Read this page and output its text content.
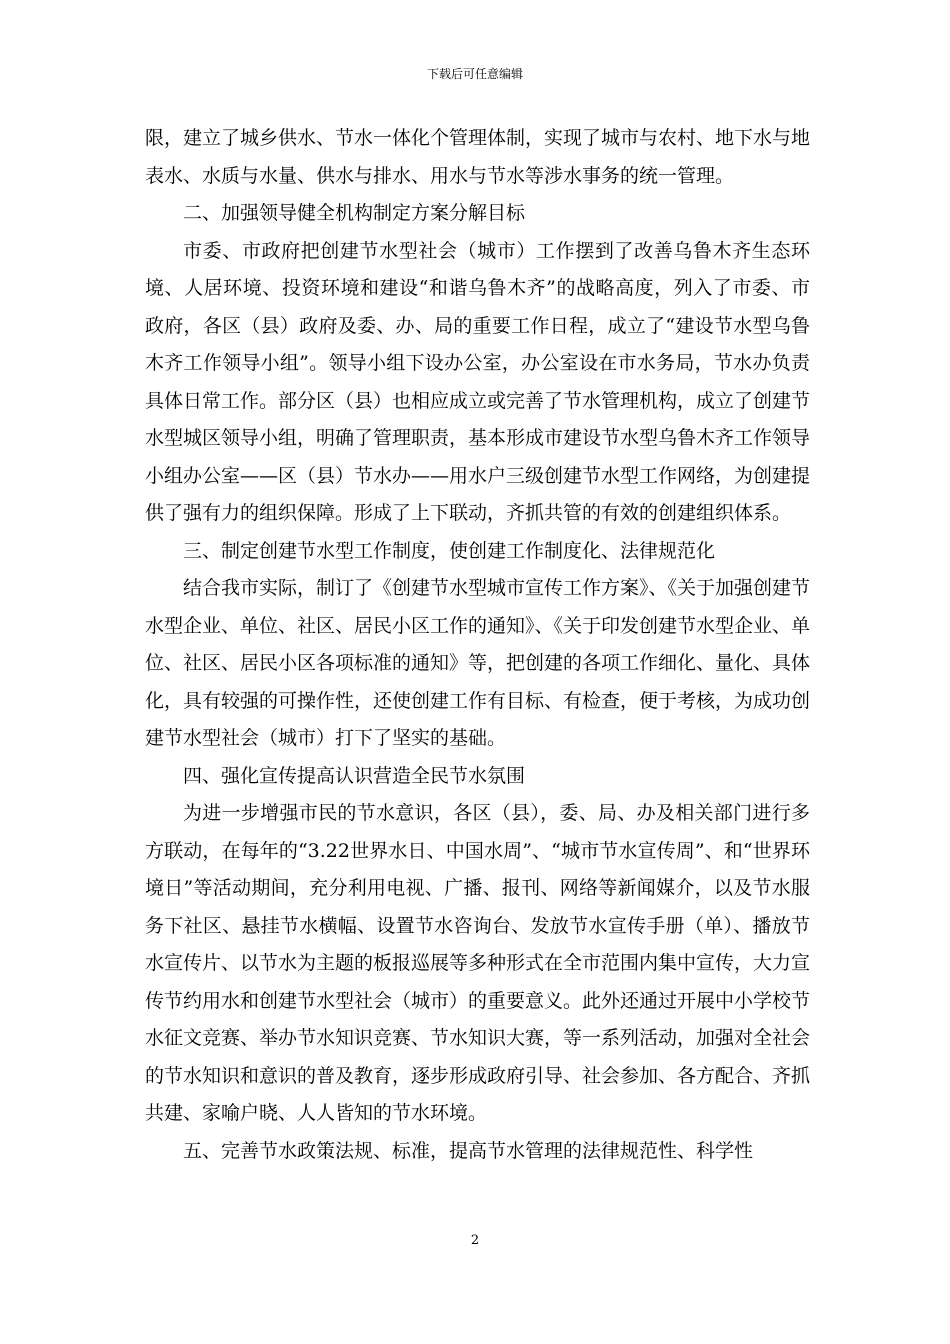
下载后可任意编辑

限，建立了城乡供水、节水一体化个管理体制，实现了城市与农村、地下水与地表水、水质与水量、供水与排水、用水与节水等涉水事务的统一管理。

二、加强领导健全机构制定方案分解目标

市委、市政府把创建节水型社会（城市）工作摆到了改善乌鲁木齐生态环境、人居环境、投资环境和建设“和谐乌鲁木齐”的战略高度，列入了市委、市政府，各区（县）政府及委、办、局的重要工作日程，成立了“建设节水型乌鲁木齐工作领导小组”。领导小组下设办公室，办公室设在市水务局，节水办负责具体日常工作。部分区（县）也相应成立或完善了节水管理机构，成立了创建节水型城区领导小组，明确了管理职责，基本形成市建设节水型乌鲁木齐工作领导小组办公室——区（县）节水办——用水户三级创建节水型工作网络，为创建提供了强有力的组织保障。形成了上下联动，齐抓共管的有效的创建组织体系。

三、制定创建节水型工作制度，使创建工作制度化、法律规范化

结合我市实际，制订了《创建节水型城市宣传工作方案》、《关于加强创建节水型企业、单位、社区、居民小区工作的通知》、《关于印发创建节水型企业、单位、社区、居民小区各项标准的通知》等，把创建的各项工作细化、量化、具体化，具有较强的可操作性，还使创建工作有目标、有检查，便于考核，为成功创建节水型社会（城市）打下了坚实的基础。

四、强化宣传提高认识营造全民节水氛围

为进一步增强市民的节水意识，各区（县），委、局、办及相关部门进行多方联动，在每年的“3.22世界水日、中国水周”、“城市节水宣传周”、和“世界环境日”等活动期间，充分利用电视、广播、报刊、网络等新闻媒介，以及节水服务下社区、悬挂节水横幅、设置节水咨询台、发放节水宣传手册（单）、播放节水宣传片、以节水为主题的板报巡展等多种形式在全市范围内集中宣传，大力宣传节约用水和创建节水型社会（城市）的重要意义。此外还通过开展中小学校节水征文竞赛、举办节水知识竞赛、节水知识大赛，等一系列活动，加强对全社会的节水知识和意识的普及教育，逐步形成政府引导、社会参加、各方配合、齐抓共建、家喻户晓、人人皆知的节水环境。

五、完善节水政策法规、标准，提高节水管理的法律规范性、科学性

2
